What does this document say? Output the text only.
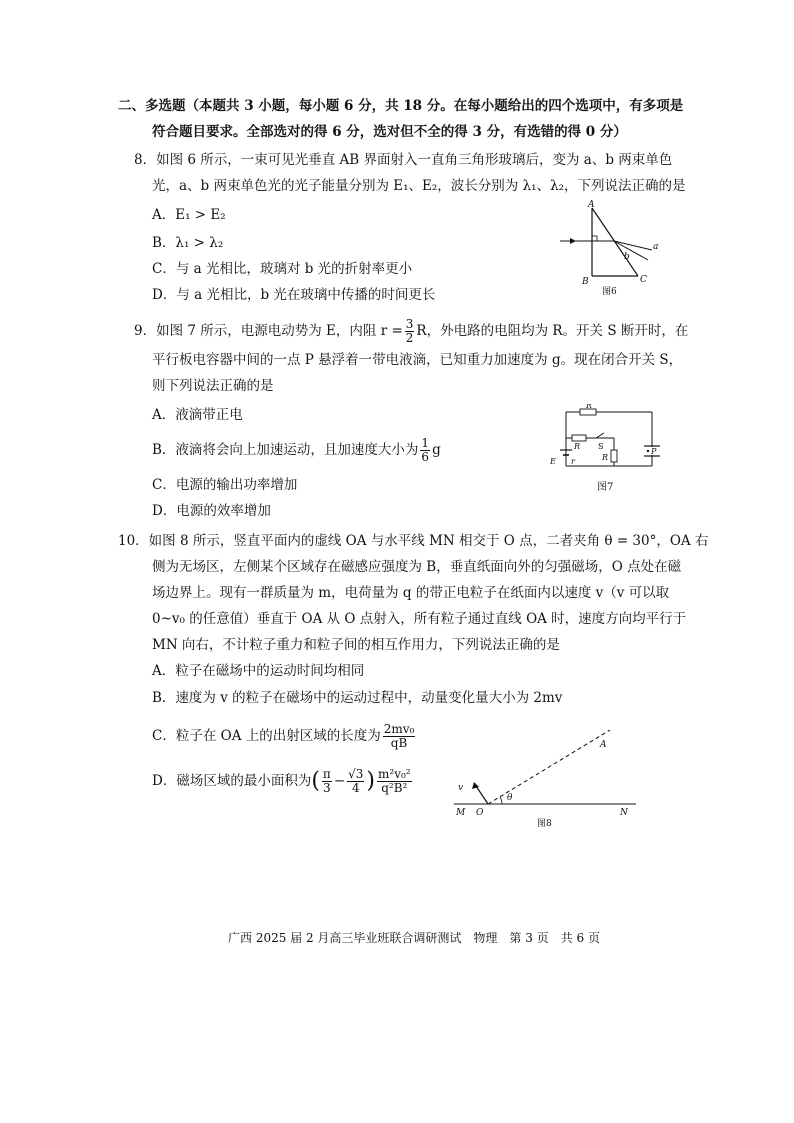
二、多选题（本题共 3 小题，每小题 6 分，共 18 分。在每小题给出的四个选项中，有多项是
符合题目要求。全部选对的得 6 分，选对但不全的得 3 分，有选错的得 0 分）
8．如图 6 所示，一束可见光垂直 AB 界面射入一直角三角形玻璃后，变为 a、b 两束单色
光，a、b 两束单色光的光子能量分别为 E₁、E₂，波长分别为 λ₁、λ₂，下列说法正确的是
A．E₁ > E₂
B．λ₁ > λ₂
C．与 a 光相比，玻璃对 b 光的折射率更小
D．与 a 光相比，b 光在玻璃中传播的时间更长
A
B	C
a
b
图6
9．如图 7 所示，电源电动势为 E，内阻 $r = \frac{3}{2}$ R，外电路的电阻均为 R。开关 S 断开时，在
平行板电容器中间的一点 P 悬浮着一带电液滴，已知重力加速度为 g。现在闭合开关 S，
则下列说法正确的是
A．液滴带正电
B．液滴将会向上加速运动，且加速度大小为 $\frac{1}{6}$ g
C．电源的输出功率增加
D．电源的效率增加
R
R S
R
E r
P
图7
10．如图 8 所示，竖直平面内的虚线 OA 与水平线 MN 相交于 O 点，二者夹角 θ = 30°，OA 右
侧为无场区，左侧某个区域存在磁感应强度为 B，垂直纸面向外的匀强磁场，O 点处在磁
场边界上。现有一群质量为 m，电荷量为 q 的带正电粒子在纸面内以速度 v（v 可以取
0~v₀ 的任意值）垂直于 OA 从 O 点射入，所有粒子通过直线 OA 时，速度方向均平行于
MN 向右，不计粒子重力和粒子间的相互作用力，下列说法正确的是
A．粒子在磁场中的运动时间均相同
B．速度为 v 的粒子在磁场中的运动过程中，动量变化量大小为 2mv
C．粒子在 OA 上的出射区域的长度为 $\frac{\text{2mv₀}}{qB}$
D．磁场区域的最小面积为( $\frac{\pi}{3} - \frac{√3}{4}$ ) $\frac{\text{m²v₀²}}{\text{q²B²}}$
A
v
θ
M O	N
图8
广西 2025 届 2 月高三毕业班联合调研测试　物理　第 3 页　共 6 页
